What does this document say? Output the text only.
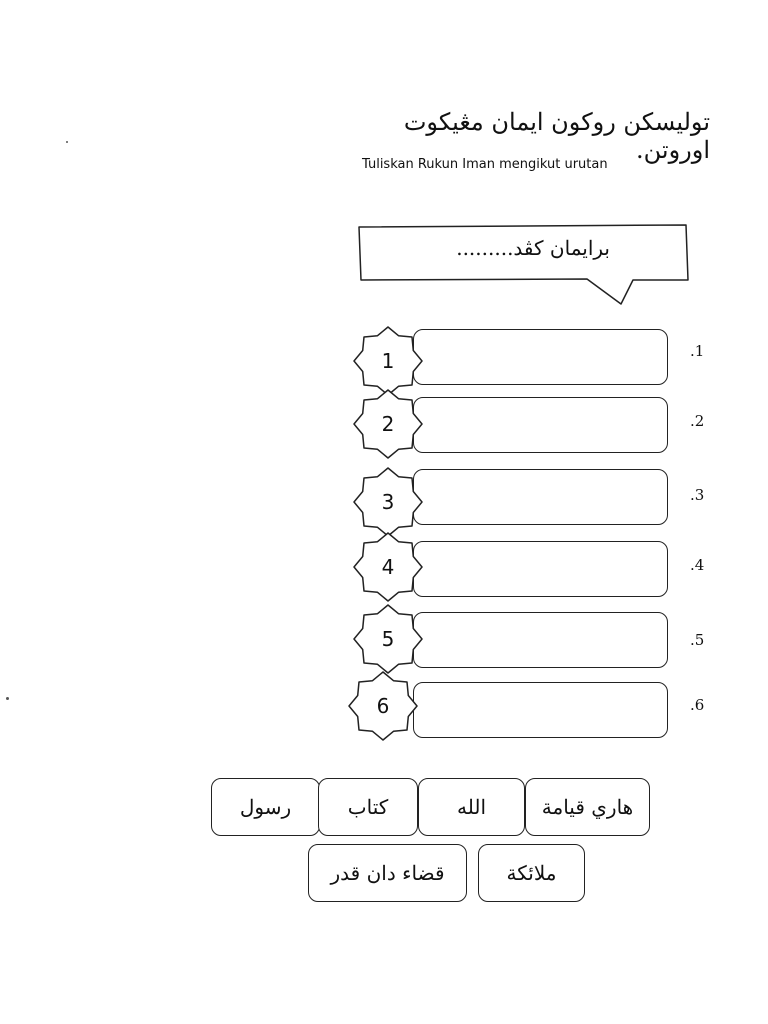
توليسکن روکون ايمان مڠيکوت اوروتن.
Tuliskan Rukun Iman mengikut urutan
برايمان کڤد.........
1
2
3
4
5
6
.1
.2
.3
.4
.5
.6
رسول	کتاب	الله	هاري قيامة
قضاء دان قدر	ملائکة
